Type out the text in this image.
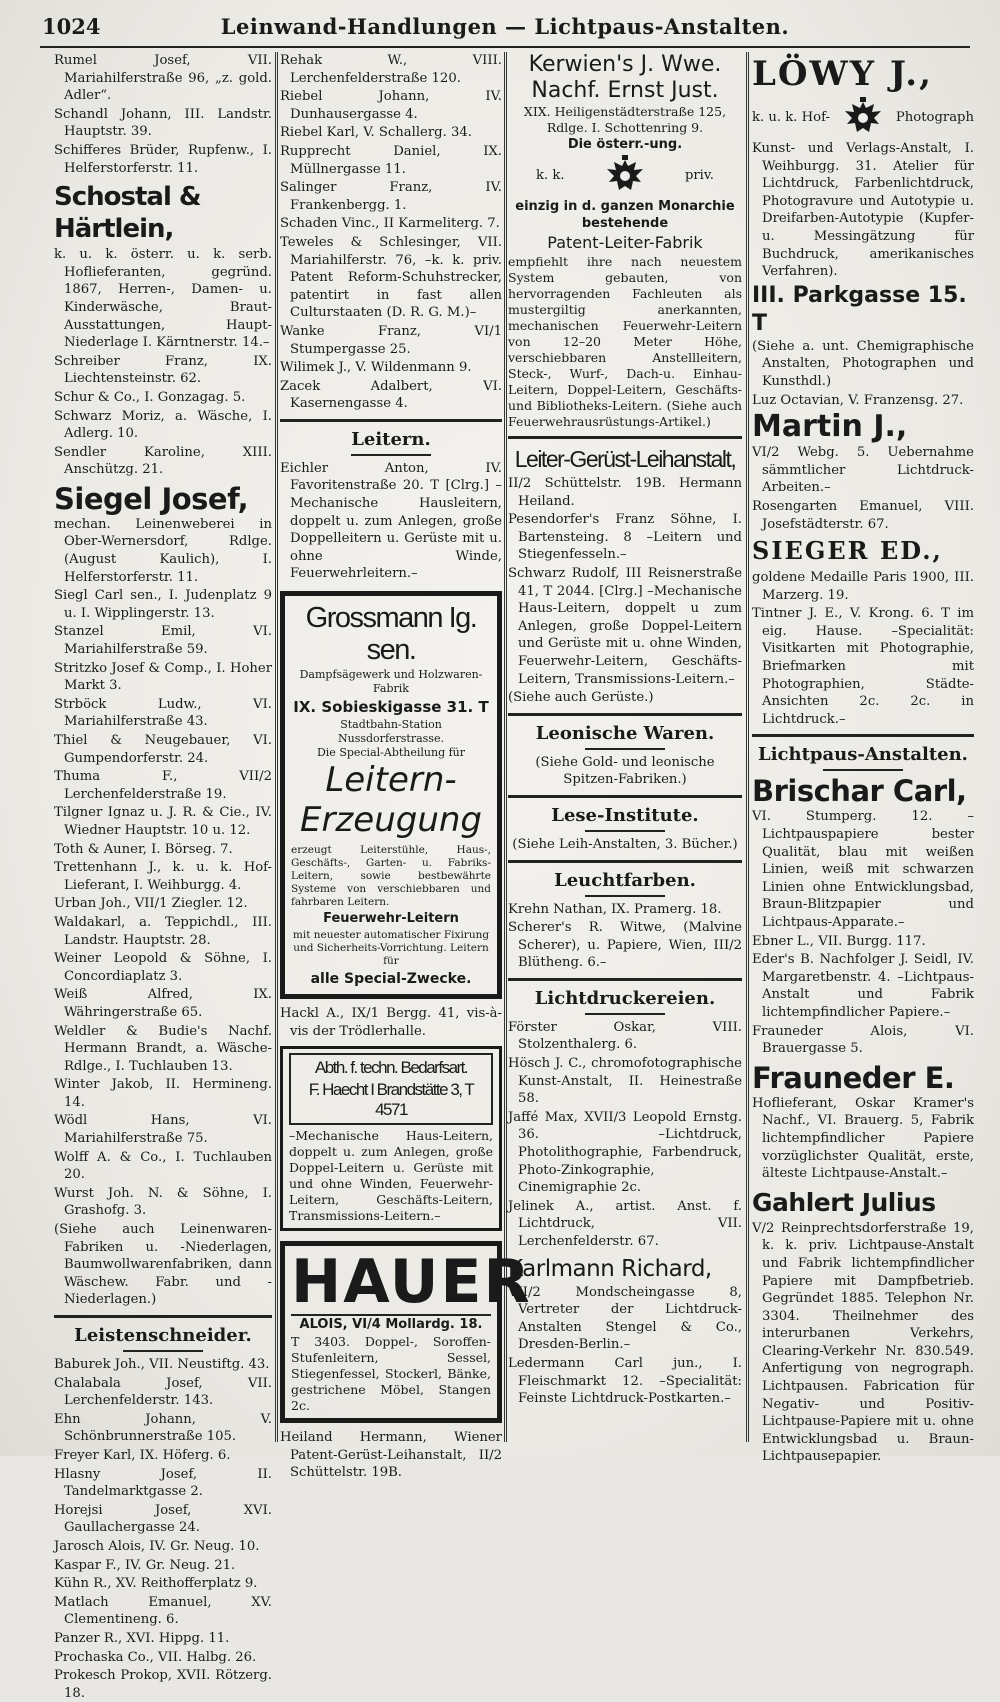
1024	Leinwand-Handlungen — Lichtpaus-Anstalten.

Rumel Josef, VII. Mariahilferstraße 96, „z. gold. Adler“.

Schandl Johann, III. Landstr. Hauptstr. 39.

Schifferes Brüder, Rupfenw., I. Helferstorferstr. 11.

Schostal & Härtlein,

k. u. k. österr. u. k. serb. Hoflieferanten, gegründ. 1867, Herren-, Damen- u. Kinderwäsche, Braut-Ausstattungen, Haupt-Niederlage I. Kärntnerstr. 14.–

Schreiber Franz, IX. Liechtensteinstr. 62.

Schur & Co., I. Gonzagag. 5.

Schwarz Moriz, a. Wäsche, I. Adlerg. 10.

Sendler Karoline, XIII. Anschützg. 21.

Siegel Josef,

mechan. Leinenweberei in Ober-Wernersdorf, Rdlge. (August Kaulich), I. Helferstorferstr. 11.

Siegl Carl sen., I. Judenplatz 9 u. I. Wipplingerstr. 13.

Stanzel Emil, VI. Mariahilferstraße 59.

Stritzko Josef & Comp., I. Hoher Markt 3.

Strböck Ludw., VI. Mariahilferstraße 43.

Thiel & Neugebauer, VI. Gumpendorferstr. 24.

Thuma F., VII/2 Lerchenfelderstraße 19.

Tilgner Ignaz u. J. R. & Cie., IV. Wiedner Hauptstr. 10 u. 12.

Toth & Auner, I. Börseg. 7.

Trettenhann J., k. u. k. Hof-Lieferant, I. Weihburgg. 4.

Urban Joh., VII/1 Ziegler. 12.

Waldakarl, a. Teppichdl., III. Landstr. Hauptstr. 28.

Weiner Leopold & Söhne, I. Concordiaplatz 3.

Weiß Alfred, IX. Währingerstraße 65.

Weldler & Budie's Nachf. Hermann Brandt, a. Wäsche-Rdlge., I. Tuchlauben 13.

Winter Jakob, II. Hermineng. 14.

Wödl Hans, VI. Mariahilferstraße 75.

Wolff A. & Co., I. Tuchlauben 20.

Wurst Joh. N. & Söhne, I. Grashofg. 3.

(Siehe auch Leinenwaren-Fabriken u. -Niederlagen, Baumwollwarenfabriken, dann Wäschew. Fabr. und -Niederlagen.)

Leistenschneider.

Baburek Joh., VII. Neustiftg. 43.

Chalabala Josef, VII. Lerchenfelderstr. 143.

Ehn Johann, V. Schönbrunnerstraße 105.

Freyer Karl, IX. Höferg. 6.

Hlasny Josef, II. Tandelmarktgasse 2.

Horejsi Josef, XVI. Gaullachergasse 24.

Jarosch Alois, IV. Gr. Neug. 10.

Kaspar F., IV. Gr. Neug. 21.

Kühn R., XV. Reithofferplatz 9.

Matlach Emanuel, XV. Clementineng. 6.

Panzer R., XVI. Hippg. 11.

Prochaska Co., VII. Halbg. 26.

Prokesch Prokop, XVII. Rötzerg. 18.

Rehak W., VIII. Lerchenfelderstraße 120.

Riebel Johann, IV. Dunhausergasse 4.

Riebel Karl, V. Schallerg. 34.

Rupprecht Daniel, IX. Müllnergasse 11.

Salinger Franz, IV. Frankenbergg. 1.

Schaden Vinc., II Karmeliterg. 7.

Teweles & Schlesinger, VII. Mariahilferstr. 76, –k. k. priv. Patent Reform-Schuhstrecker, patentirt in fast allen Culturstaaten (D. R. G. M.)–

Wanke Franz, VI/1 Stumpergasse 25.

Wilimek J., V. Wildenmann 9.

Zacek Adalbert, VI. Kasernengasse 4.

Leitern.

Eichler Anton, IV. Favoritenstraße 20. T [Clrg.] –Mechanische Hausleitern, doppelt u. zum Anlegen, große Doppelleitern u. Gerüste mit u. ohne Winde, Feuerwehrleitern.–

Grossmann Ig. sen.
Dampfsägewerk und Holzwaren-Fabrik
IX. Sobieskigasse 31. T
Stadtbahn-Station Nussdorferstrasse.
Die Special-Abtheilung für
Leitern-
Erzeugung
erzeugt Leiterstühle, Haus-, Geschäfts-, Garten- u. Fabriks-Leitern, sowie bestbewährte Systeme von verschiebbaren und fahrbaren Leitern.
Feuerwehr-Leitern
mit neuester automatischer Fixirung und Sicherheits-Vorrichtung. Leitern für
alle Special-Zwecke.

Hackl A., IX/1 Bergg. 41, vis-à-vis der Trödlerhalle.

Abth. f. techn. Bedarfsart.
F. Haecht I Brandstätte 3, T 4571
–Mechanische Haus-Leitern, doppelt u. zum Anlegen, große Doppel-Leitern u. Gerüste mit und ohne Winden, Feuerwehr-Leitern, Geschäfts-Leitern, Transmissions-Leitern.–
HAUER
ALOIS, VI/4 Mollardg. 18.
T 3403. Doppel-, Soroffen-Stufenleitern, Sessel, Stiegenfessel, Stockerl, Bänke, gestrichene Möbel, Stangen 2c.

Heiland Hermann, Wiener Patent-Gerüst-Leihanstalt, II/2 Schüttelstr. 19B.

Kerwien's J. Wwe.
Nachf. Ernst Just.
XIX. Heiligenstädterstraße 125, Rdlge. I. Schottenring 9.
Die österr.-ung.
k. k.	priv.
einzig in d. ganzen Monarchie bestehende
Patent-Leiter-Fabrik
empfiehlt ihre nach neuestem System gebauten, von hervorragenden Fachleuten als mustergiltig anerkannten, mechanischen Feuerwehr-Leitern von 12–20 Meter Höhe, verschiebbaren Anstellleitern, Steck-, Wurf-, Dach-u. Einhau-Leitern, Doppel-Leitern, Geschäfts- und Bibliotheks-Leitern. (Siehe auch Feuerwehrausrüstungs-Artikel.)
Leiter-Gerüst-Leihanstalt,

II/2 Schüttelstr. 19B. Hermann Heiland.

Pesendorfer's Franz Söhne, I. Bartensteing. 8 –Leitern und Stiegenfesseln.–

Schwarz Rudolf, III Reisnerstraße 41, T 2044. [Clrg.] –Mechanische Haus-Leitern, doppelt u zum Anlegen, große Doppel-Leitern und Gerüste mit u. ohne Winden, Feuerwehr-Leitern, Geschäfts-Leitern, Transmissions-Leitern.–

(Siehe auch Gerüste.)

Leonische Waren.
(Siehe Gold- und leonische Spitzen-Fabriken.)
Lese-Institute.
(Siehe Leih-Anstalten, 3. Bücher.)
Leuchtfarben.

Krehn Nathan, IX. Pramerg. 18.

Scherer's R. Witwe, (Malvine Scherer), u. Papiere, Wien, III/2 Blütheng. 6.–

Lichtdruckereien.

Förster Oskar, VIII. Stolzenthalerg. 6.

Hösch J. C., chromofotographische Kunst-Anstalt, II. Heinestraße 58.

Jaffé Max, XVII/3 Leopold Ernstg. 36. –Lichtdruck, Photolithographie, Farbendruck, Photo-Zinkographie, Cinemigraphie 2c.

Jelinek A., artist. Anst. f. Lichtdruck, VII. Lerchenfelderstr. 67.

Karlmann Richard,

VII/2 Mondscheingasse 8, Vertreter der Lichtdruck-Anstalten Stengel & Co., Dresden-Berlin.–

Ledermann Carl jun., I. Fleischmarkt 12. –Specialität: Feinste Lichtdruck-Postkarten.–

LÖWY J.,
k. u. k. Hof-	Photograph

Kunst- und Verlags-Anstalt, I. Weihburgg. 31. Atelier für Lichtdruck, Farbenlichtdruck, Photogravure und Autotypie u. Dreifarben-Autotypie (Kupfer- u. Messingätzung für Buchdruck, amerikanisches Verfahren).

III. Parkgasse 15. T

(Siehe a. unt. Chemigraphische Anstalten, Photographen und Kunsthdl.)

Luz Octavian, V. Franzensg. 27.

Martin J.,

VI/2 Webg. 5. Uebernahme sämmtlicher Lichtdruck-Arbeiten.–

Rosengarten Emanuel, VIII. Josefstädterstr. 67.

SIEGER ED.,

goldene Medaille Paris 1900, III. Marzerg. 19.

Tintner J. E., V. Krong. 6. T im eig. Hause. –Specialität: Visitkarten mit Photographie, Briefmarken mit Photographien, Städte-Ansichten 2c. 2c. in Lichtdruck.–

Lichtpaus-Anstalten.
Brischar Carl,

VI. Stumperg. 12. –Lichtpauspapiere bester Qualität, blau mit weißen Linien, weiß mit schwarzen Linien ohne Entwicklungsbad, Braun-Blitzpapier und Lichtpaus-Apparate.–

Ebner L., VII. Burgg. 117.

Eder's B. Nachfolger J. Seidl, IV. Margaretbenstr. 4. –Lichtpaus-Anstalt und Fabrik lichtempfindlicher Papiere.–

Frauneder Alois, VI. Brauergasse 5.

Frauneder E.

Hoflieferant, Oskar Kramer's Nachf., VI. Brauerg. 5, Fabrik lichtempfindlicher Papiere vorzüglichster Qualität, erste, älteste Lichtpause-Anstalt.–

Gahlert Julius

V/2 Reinprechtsdorferstraße 19, k. k. priv. Lichtpause-Anstalt und Fabrik lichtempfindlicher Papiere mit Dampfbetrieb. Gegründet 1885. Telephon Nr. 3304. Theilnehmer des interurbanen Verkehrs, Clearing-Verkehr Nr. 830.549. Anfertigung von negrograph. Lichtpausen. Fabrication für Negativ- und Positiv-Lichtpause-Papiere mit u. ohne Entwicklungsbad u. Braun-Lichtpausepapier.
